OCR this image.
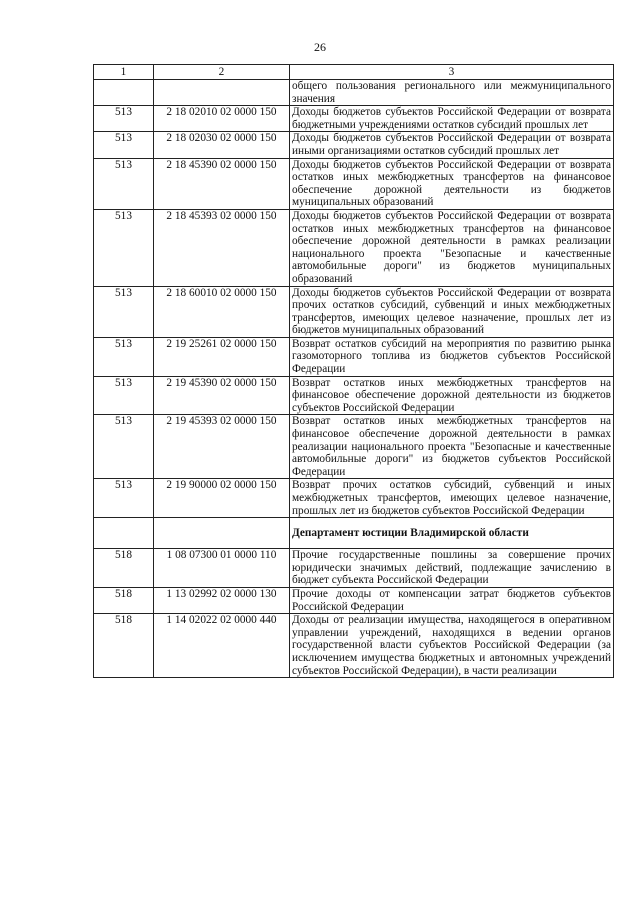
26
1	2	3
		общего пользования регионального или межмуниципального значения
513	2 18 02010 02 0000 150	Доходы бюджетов субъектов Российской Федерации от возврата бюджетными учреждениями остатков субсидий прошлых лет
513	2 18 02030 02 0000 150	Доходы бюджетов субъектов Российской Федерации от возврата иными организациями остатков субсидий прошлых лет
513	2 18 45390 02 0000 150	Доходы бюджетов субъектов Российской Федерации от возврата остатков иных межбюджетных трансфертов на финансовое обеспечение дорожной деятельности из бюджетов муниципальных образований
513	2 18 45393 02 0000 150	Доходы бюджетов субъектов Российской Федерации от возврата остатков иных межбюджетных трансфертов на финансовое обеспечение дорожной деятельности в рамках реализации национального проекта "Безопасные и качественные автомобильные дороги" из бюджетов муниципальных образований
513	2 18 60010 02 0000 150	Доходы бюджетов субъектов Российской Федерации от возврата прочих остатков субсидий, субвенций и иных межбюджетных трансфертов, имеющих целевое назначение, прошлых лет из бюджетов муниципальных образований
513	2 19 25261 02 0000 150	Возврат остатков субсидий на мероприятия по развитию рынка газомоторного топлива из бюджетов субъектов Российской Федерации
513	2 19 45390 02 0000 150	Возврат остатков иных межбюджетных трансфертов на финансовое обеспечение дорожной деятельности из бюджетов субъектов Российской Федерации
513	2 19 45393 02 0000 150	Возврат остатков иных межбюджетных трансфертов на финансовое обеспечение дорожной деятельности в рамках реализации национального проекта "Безопасные и качественные автомобильные дороги" из бюджетов субъектов Российской Федерации
513	2 19 90000 02 0000 150	Возврат прочих остатков субсидий, субвенций и иных межбюджетных трансфертов, имеющих целевое назначение, прошлых лет из бюджетов субъектов Российской Федерации
		Департамент юстиции Владимирской области
518	1 08 07300 01 0000 110	Прочие государственные пошлины за совершение прочих юридически значимых действий, подлежащие зачислению в бюджет субъекта Российской Федерации
518	1 13 02992 02 0000 130	Прочие доходы от компенсации затрат бюджетов субъектов Российской Федерации
518	1 14 02022 02 0000 440	Доходы от реализации имущества, находящегося в оперативном управлении учреждений, находящихся в ведении органов государственной власти субъектов Российской Федерации (за исключением имущества бюджетных и автономных учреждений субъектов Российской Федерации), в части реализации
